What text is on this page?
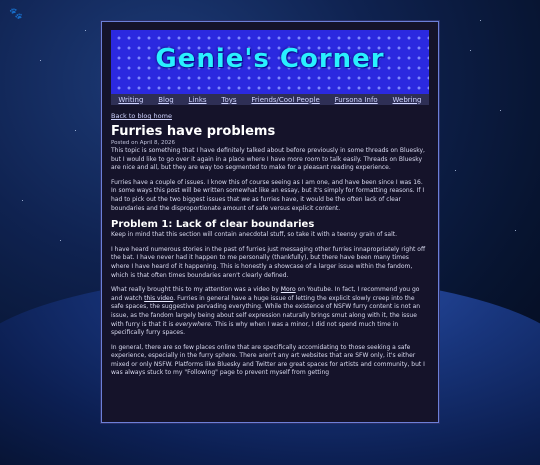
🐾
Genie's Corner
Writing Blog Links Toys Friends/Cool People Fursona Info Webring
Back to blog home
Furries have problems
Posted on April 8, 2026

This topic is something that I have definitely talked about before previously in some threads on Bluesky, but I would like to go over it again in a place where I have more room to talk easily. Threads on Bluesky are nice and all, but they are way too segmented to make for a pleasant reading experience.

Furries have a couple of issues. I know this of course seeing as I am one, and have been since I was 16. In some ways this post will be written somewhat like an essay, but it's simply for formatting reasons. If I had to pick out the two biggest issues that we as furries have, it would be the often lack of clear boundaries and the disproportionate amount of safe versus explicit content.

Problem 1: Lack of clear boundaries

Keep in mind that this section will contain anecdotal stuff, so take it with a teensy grain of salt.

I have heard numerous stories in the past of furries just messaging other furries innapropriately right off the bat. I have never had it happen to me personally (thankfully), but there have been many times where I have heard of it happening. This is honestly a showcase of a larger issue within the fandom, which is that often times boundaries aren't clearly defined.

What really brought this to my attention was a video by Moro on Youtube. In fact, I recommend you go and watch this video. Furries in general have a huge issue of letting the explicit slowly creep into the safe spaces, the suggestive pervading everything. While the existence of NSFW furry content is not an issue, as the fandom largely being about self expression naturally brings smut along with it, the issue with furry is that it is everywhere. This is why when I was a minor, I did not spend much time in specifically furry spaces.

In general, there are so few places online that are specifically accomidating to those seeking a safe experience, especially in the furry sphere. There aren't any art websites that are SFW only, it's either mixed or only NSFW. Platforms like Bluesky and Twitter are great spaces for artists and community, but I was always stuck to my "Following" page to prevent myself from getting
